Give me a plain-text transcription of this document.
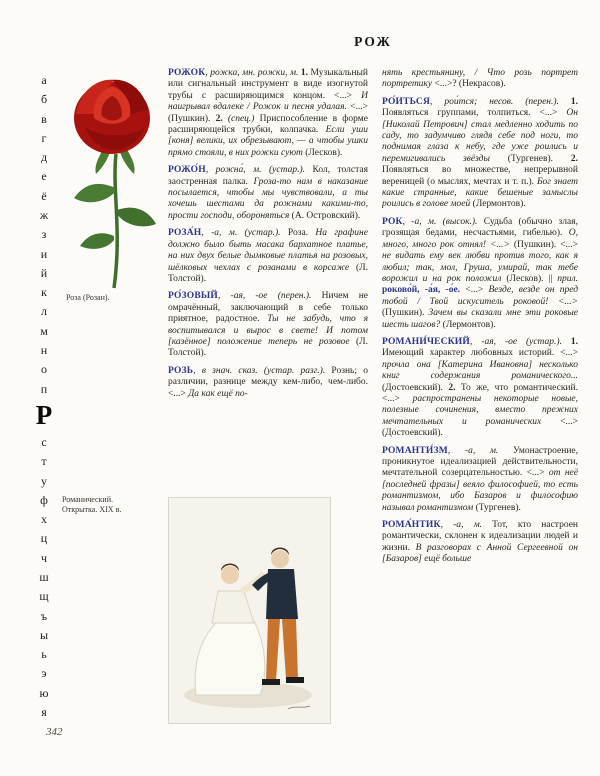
РОЖ
а
б
в
г
д
е
ё
ж
з
и
й
к
л
м
н
о
п
Р
с
т
у
ф
х
ц
ч
ш
щ
ъ
ы
ь
э
ю
я
Роза (Розан).
РОЖО́К, рожка́, мн. рожки́, м. 1. Музыкальный или сигнальный инструмент в виде изогнутой трубы с расширяющимся концом. <...> И наигрывал вдалеке / Рожок и песня удалая. <...> (Пушкин). 2. (спец.) Приспособление в форме расширяющейся трубки, колпачка. Если уши [коня] велики, их обрезывают, — а чтобы ушки прямо стояли, в них рожки суют (Лесков).
РОЖО́Н, рожна́, м. (устар.). Кол, толстая заостренная палка. Гроза-то нам в наказание посылается, чтобы мы чувствовали, а ты хочешь шестами да рожнами какими-то, прости господи, обороняться (А. Островский).
РОЗА́Н, -а, м. (устар.). Роза. На графине должно было быть масака бархатное платье, на них двух белые дымковые платья на розовых, шёлковых чехлах с розанами в корсаже (Л. Толстой).
РО́ЗОВЫЙ, -ая, -ое (перен.). Ничем не омрачённый, заключающий в себе только приятное, радостное. Ты не забудь, что я воспитывался и вырос в свете! И потом [казённое] положение теперь не розовое (Л. Толстой).
РОЗЬ, в знач. сказ. (устар. разг.). Рознь; о различии, разнице между кем-либо, чем-либо. <...> Да как ещё по-
нять крестьянину, / Что розь портрет портретику <...>? (Некрасов).
РО́ИТЬСЯ, рои́тся; несов. (перен.). 1. Появляться группами, толпиться. <...> Он [Николай Петрович] стал медленно ходить по саду, то задумчиво глядя себе под ноги, то поднимая глаза к небу, где уже роились и перемигивались звёзды (Тургенев). 2. Появляться во множестве, непрерывной вереницей (о мыслях, мечтах и т. п.). Бог знает какие странные, какие бешеные замыслы роились в голове моей (Лермонтов).
РОК, -а, м. (высок.). Судьба (обычно злая, грозящая бедами, несчастьями, гибелью). О, много, много рок отнял! <...> (Пушкин). <...> не видать ему век любви против того, как я любил; так, мол, Груша, умирай, так тебе ворожил и на рок положил (Лесков). || прил. роково́й, -а́я, -о́е. <...> Везде, везде он пред тобой / Твой искуситель роковой! <...> (Пушкин). Зачем вы сказали мне эти роковые шесть шагов? (Лермонтов).
РОМАНИ́ЧЕСКИЙ, -ая, -ое (устар.). 1. Имеющий характер любовных историй. <...> прочла она [Катерина Ивановна] несколько книг содержания романического... (Достоевский). 2. То же, что романтический. <...> распространены некоторые новые, полезные сочинения, вместо прежних мечтательных и романических <...> (Достоевский).
РОМАНТИ́ЗМ, -а, м. Умонастроение, проникнутое идеализацией действительности, мечтательной созерцательностью. <...> от неё [последней фразы] веяло философией, то есть романтизмом, ибо Базаров и философию называл романтизмом (Тургенев).
РОМА́НТИК, -а, м. Тот, кто настроен романтически, склонен к идеализации людей и жизни. В разговорах с Анной Сергеевной он [Базаров] ещё больше
Романический.
Открытка. XIX в.
342
